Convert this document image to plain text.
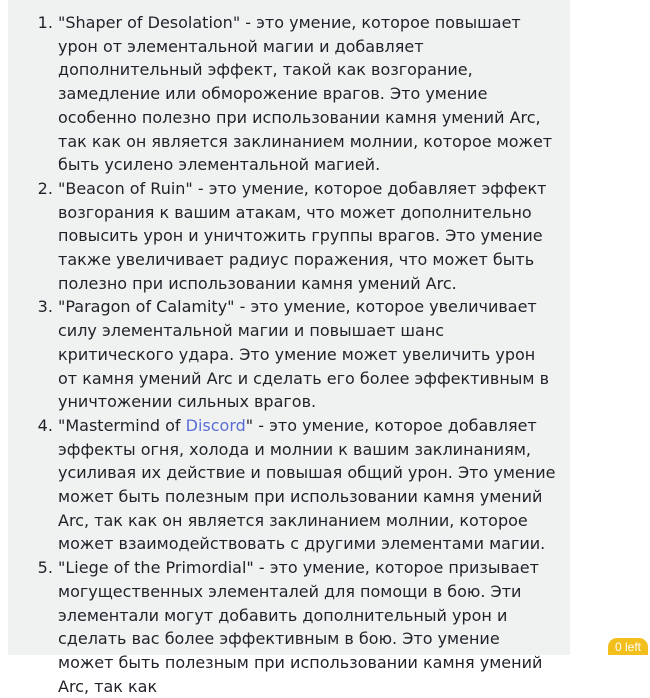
1. "Shaper of Desolation" - это умение, которое повышает урон от элементальной магии и добавляет дополнительный эффект, такой как возгорание, замедление или обморожение врагов. Это умение особенно полезно при использовании камня умений Arc, так как он является заклинанием молнии, которое может быть усилено элементальной магией.
2. "Beacon of Ruin" - это умение, которое добавляет эффект возгорания к вашим атакам, что может дополнительно повысить урон и уничтожить группы врагов. Это умение также увеличивает радиус поражения, что может быть полезно при использовании камня умений Arc.
3. "Paragon of Calamity" - это умение, которое увеличивает силу элементальной магии и повышает шанс критического удара. Это умение может увеличить урон от камня умений Arc и сделать его более эффективным в уничтожении сильных врагов.
4. "Mastermind of Discord" - это умение, которое добавляет эффекты огня, холода и молнии к вашим заклинаниям, усиливая их действие и повышая общий урон. Это умение может быть полезным при использовании камня умений Arc, так как он является заклинанием молнии, которое может взаимодействовать с другими элементами магии.
5. "Liege of the Primordial" - это умение, которое призывает могущественных элементалей для помощи в бою. Эти элементали могут добавить дополнительный урон и сделать вас более эффективным в бою. Это умение может быть полезным при использовании камня умений Arc, так как
0 left
